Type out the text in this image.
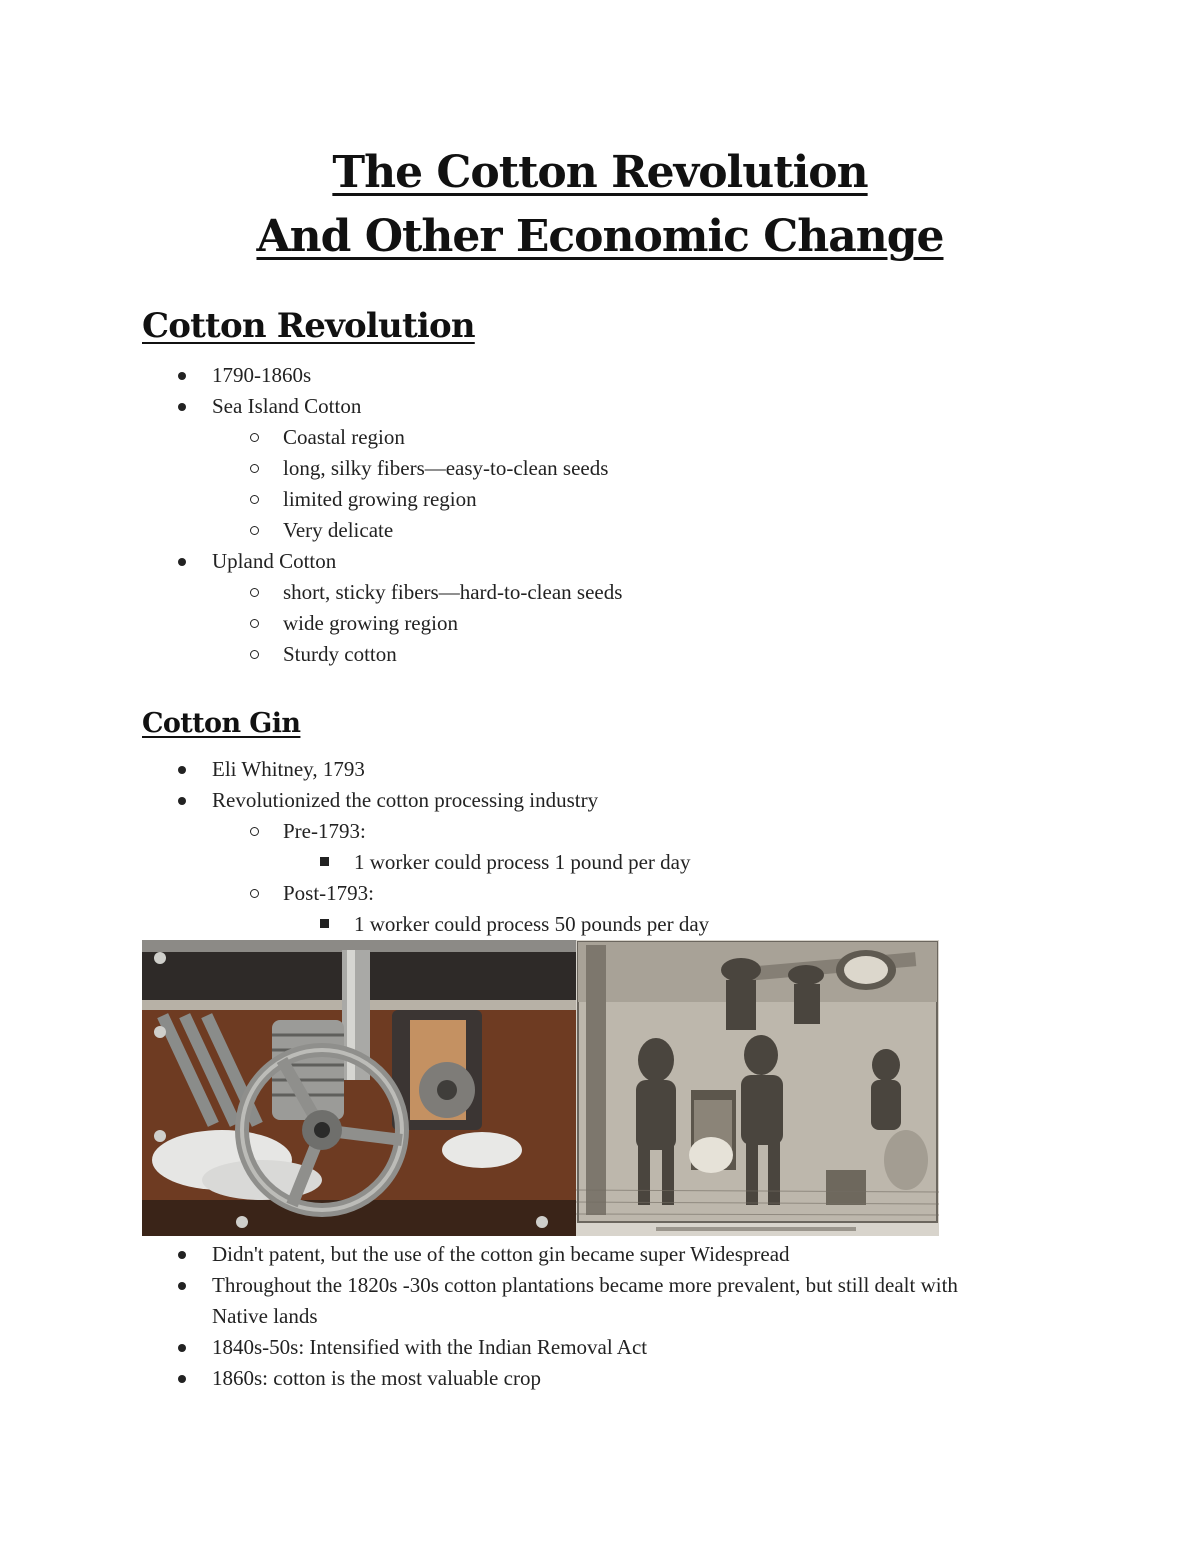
The Cotton Revolution
And Other Economic Change
Cotton Revolution
1790-1860s
Sea Island Cotton
Coastal region
long, silky fibers—easy-to-clean seeds
limited growing region
Very delicate
Upland Cotton
short, sticky fibers—hard-to-clean seeds
wide growing region
Sturdy cotton
Cotton Gin
Eli Whitney, 1793
Revolutionized the cotton processing industry
Pre-1793:
1 worker could process 1 pound per day
Post-1793:
1 worker could process 50 pounds per day
Didn't patent, but the use of the cotton gin became super Widespread
Throughout the 1820s -30s cotton plantations became more prevalent, but still dealt with
Native lands
1840s-50s: Intensified with the Indian Removal Act
1860s: cotton is the most valuable crop
